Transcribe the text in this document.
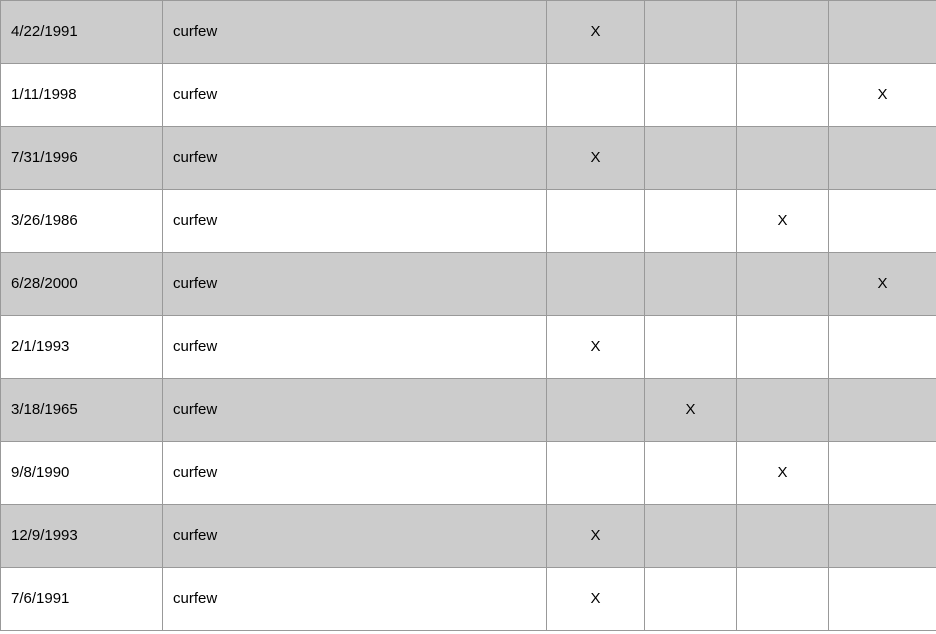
4/22/1991	curfew	X			
1/11/1998	curfew				X
7/31/1996	curfew	X			
3/26/1986	curfew			X	
6/28/2000	curfew				X
2/1/1993	curfew	X			
3/18/1965	curfew		X		
9/8/1990	curfew			X	
12/9/1993	curfew	X			
7/6/1991	curfew	X			
